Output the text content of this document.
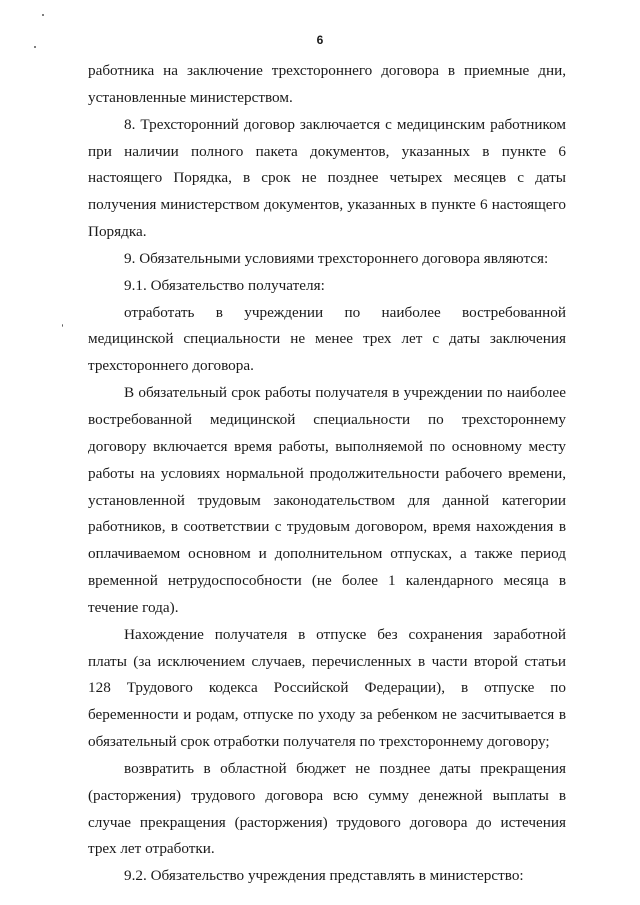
6

работника на заключение трехстороннего договора в приемные дни, установленные министерством.

8. Трехсторонний договор заключается с медицинским работником при наличии полного пакета документов, указанных в пункте 6 настоящего Порядка, в срок не позднее четырех месяцев с даты получения министерством документов, указанных в пункте 6 настоящего Порядка.

9. Обязательными условиями трехстороннего договора являются:

9.1. Обязательство получателя:

отработать в учреждении по наиболее востребованной медицинской специальности не менее трех лет с даты заключения трехстороннего договора.

В обязательный срок работы получателя в учреждении по наиболее востребованной медицинской специальности по трехстороннему договору включается время работы, выполняемой по основному месту работы на условиях нормальной продолжительности рабочего времени, установленной трудовым законодательством для данной категории работников, в соответствии с трудовым договором, время нахождения в оплачиваемом основном и дополнительном отпусках, а также период временной нетрудоспособности (не более 1 календарного месяца в течение года).

Нахождение получателя в отпуске без сохранения заработной платы (за исключением случаев, перечисленных в части второй статьи 128 Трудового кодекса Российской Федерации), в отпуске по беременности и родам, отпуске по уходу за ребенком не засчитывается в обязательный срок отработки получателя по трехстороннему договору;

возвратить в областной бюджет не позднее даты прекращения (расторжения) трудового договора всю сумму денежной выплаты в случае прекращения (расторжения) трудового договора до истечения трех лет отработки.

9.2. Обязательство учреждения представлять в министерство:
